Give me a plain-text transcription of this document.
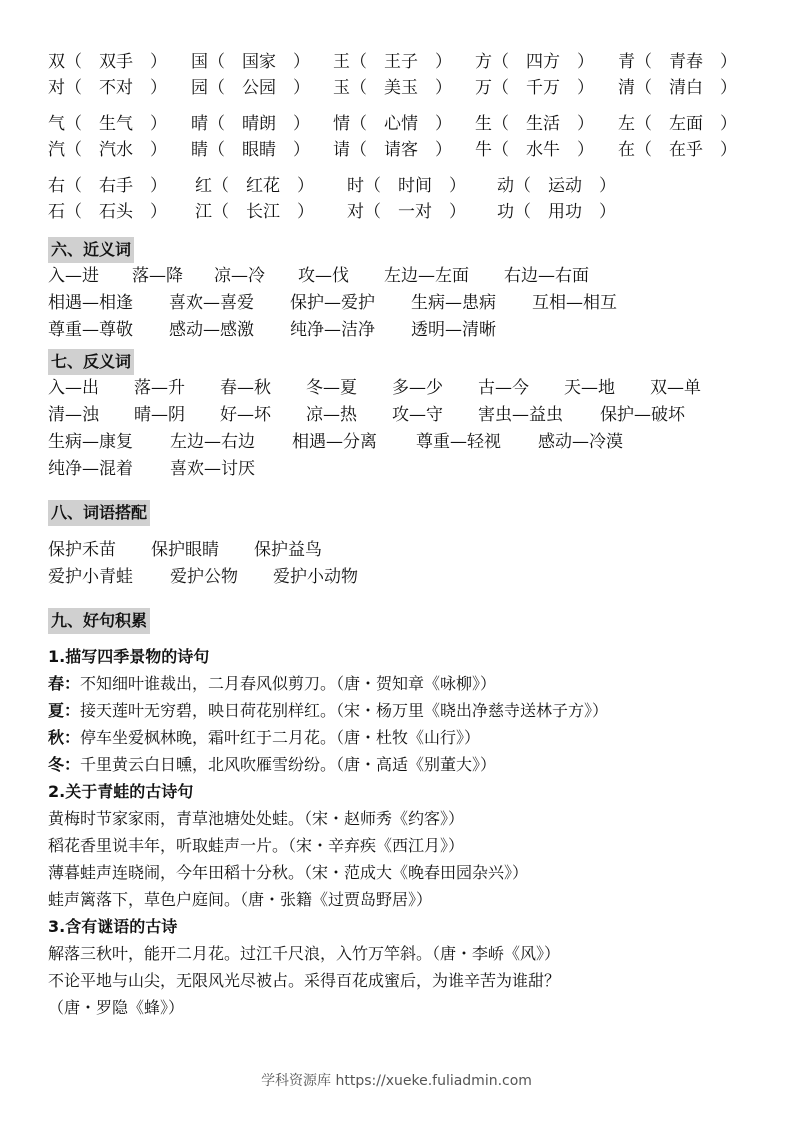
双（　双手　）	国（　国家　）	王（　王子　）	方（　四方　）	青（　青春　）
对（　不对　）	园（　公园　）	玉（　美玉　）	万（　千万　）	清（　清白　）
气（　生气　）	晴（　晴朗　）	情（　心情　）	生（　生活　）	左（　左面　）
汽（　汽水　）	睛（　眼睛　）	请（　请客　）	牛（　水牛　）	在（　在乎　）
右（　右手　）	红（　红花　）	时（　时间　）	动（　运动　）
石（　石头　）	江（　长江　）	对（　一对　）	功（　用功　）
六、近义词
入—进	落—降	凉—冷	攻—伐	左边—左面	右边—右面
相遇—相逢	喜欢—喜爱	保护—爱护	生病—患病	互相—相互
尊重—尊敬	感动—感激	纯净—洁净	透明—清晰
七、反义词
入—出	落—升	春—秋	冬—夏	多—少	古—今	天—地	双—单
清—浊	晴—阴	好—坏	凉—热	攻—守	害虫—益虫	保护—破坏
生病—康复	左边—右边	相遇—分离	尊重—轻视	感动—冷漠
纯净—混着	喜欢—讨厌
八、词语搭配
保护禾苗	保护眼睛	保护益鸟
爱护小青蛙	爱护公物	爱护小动物
九、好句积累
1.描写四季景物的诗句
春：不知细叶谁裁出，二月春风似剪刀。（唐・贺知章《咏柳》）
夏：接天莲叶无穷碧，映日荷花别样红。（宋・杨万里《晓出净慈寺送林子方》）
秋：停车坐爱枫林晚，霜叶红于二月花。（唐・杜牧《山行》）
冬：千里黄云白日曛，北风吹雁雪纷纷。（唐・高适《别董大》）
2.关于青蛙的古诗句
黄梅时节家家雨，青草池塘处处蛙。（宋・赵师秀《约客》）
稻花香里说丰年，听取蛙声一片。（宋・辛弃疾《西江月》）
薄暮蛙声连晓闹，今年田稻十分秋。（宋・范成大《晚春田园杂兴》）
蛙声篱落下，草色户庭间。（唐・张籍《过贾岛野居》）
3.含有谜语的古诗
解落三秋叶，能开二月花。过江千尺浪，入竹万竿斜。（唐・李峤《风》）
不论平地与山尖，无限风光尽被占。采得百花成蜜后，为谁辛苦为谁甜？
（唐・罗隐《蜂》）
学科资源库 https://xueke.fuliadmin.com
